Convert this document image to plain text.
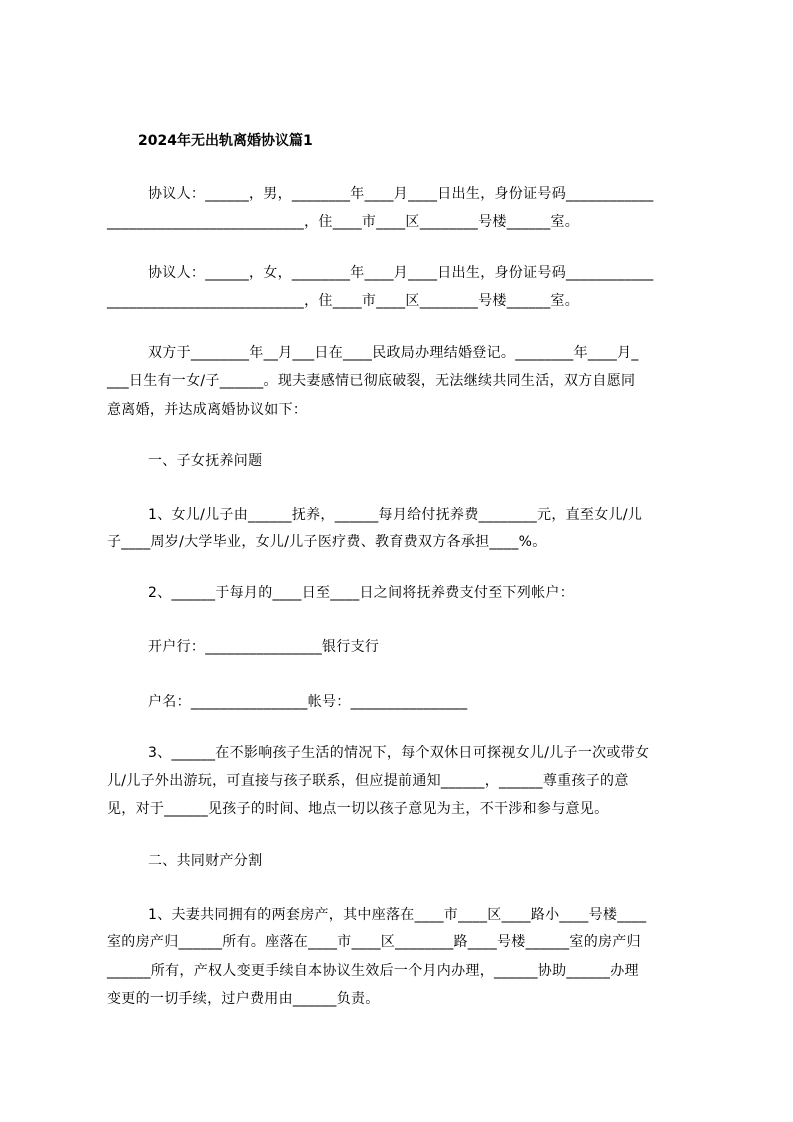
2024年无出轨离婚协议篇1
协议人：______，男，________年____月____日出生，身份证号码____________
___________________________，住____市____区________号楼______室。
协议人：______，女，________年____月____日出生，身份证号码____________
___________________________，住____市____区________号楼______室。
双方于________年__月___日在____民政局办理结婚登记。________年____月_
___日生有一女/子______。现夫妻感情已彻底破裂，无法继续共同生活，双方自愿同
意离婚，并达成离婚协议如下：
一、子女抚养问题
1、女儿/儿子由______抚养，______每月给付抚养费________元，直至女儿/儿
子____周岁/大学毕业，女儿/儿子医疗费、教育费双方各承担____%。
2、______于每月的____日至____日之间将抚养费支付至下列帐户：
开户行：________________银行支行
户名：________________帐号：________________
3、______在不影响孩子生活的情况下，每个双休日可探视女儿/儿子一次或带女
儿/儿子外出游玩，可直接与孩子联系，但应提前通知______，______尊重孩子的意
见，对于______见孩子的时间、地点一切以孩子意见为主，不干涉和参与意见。
二、共同财产分割
1、夫妻共同拥有的两套房产，其中座落在____市____区____路小____号楼____
室的房产归______所有。座落在____市____区________路____号楼______室的房产归
______所有，产权人变更手续自本协议生效后一个月内办理，______协助______办理
变更的一切手续，过户费用由______负责。
